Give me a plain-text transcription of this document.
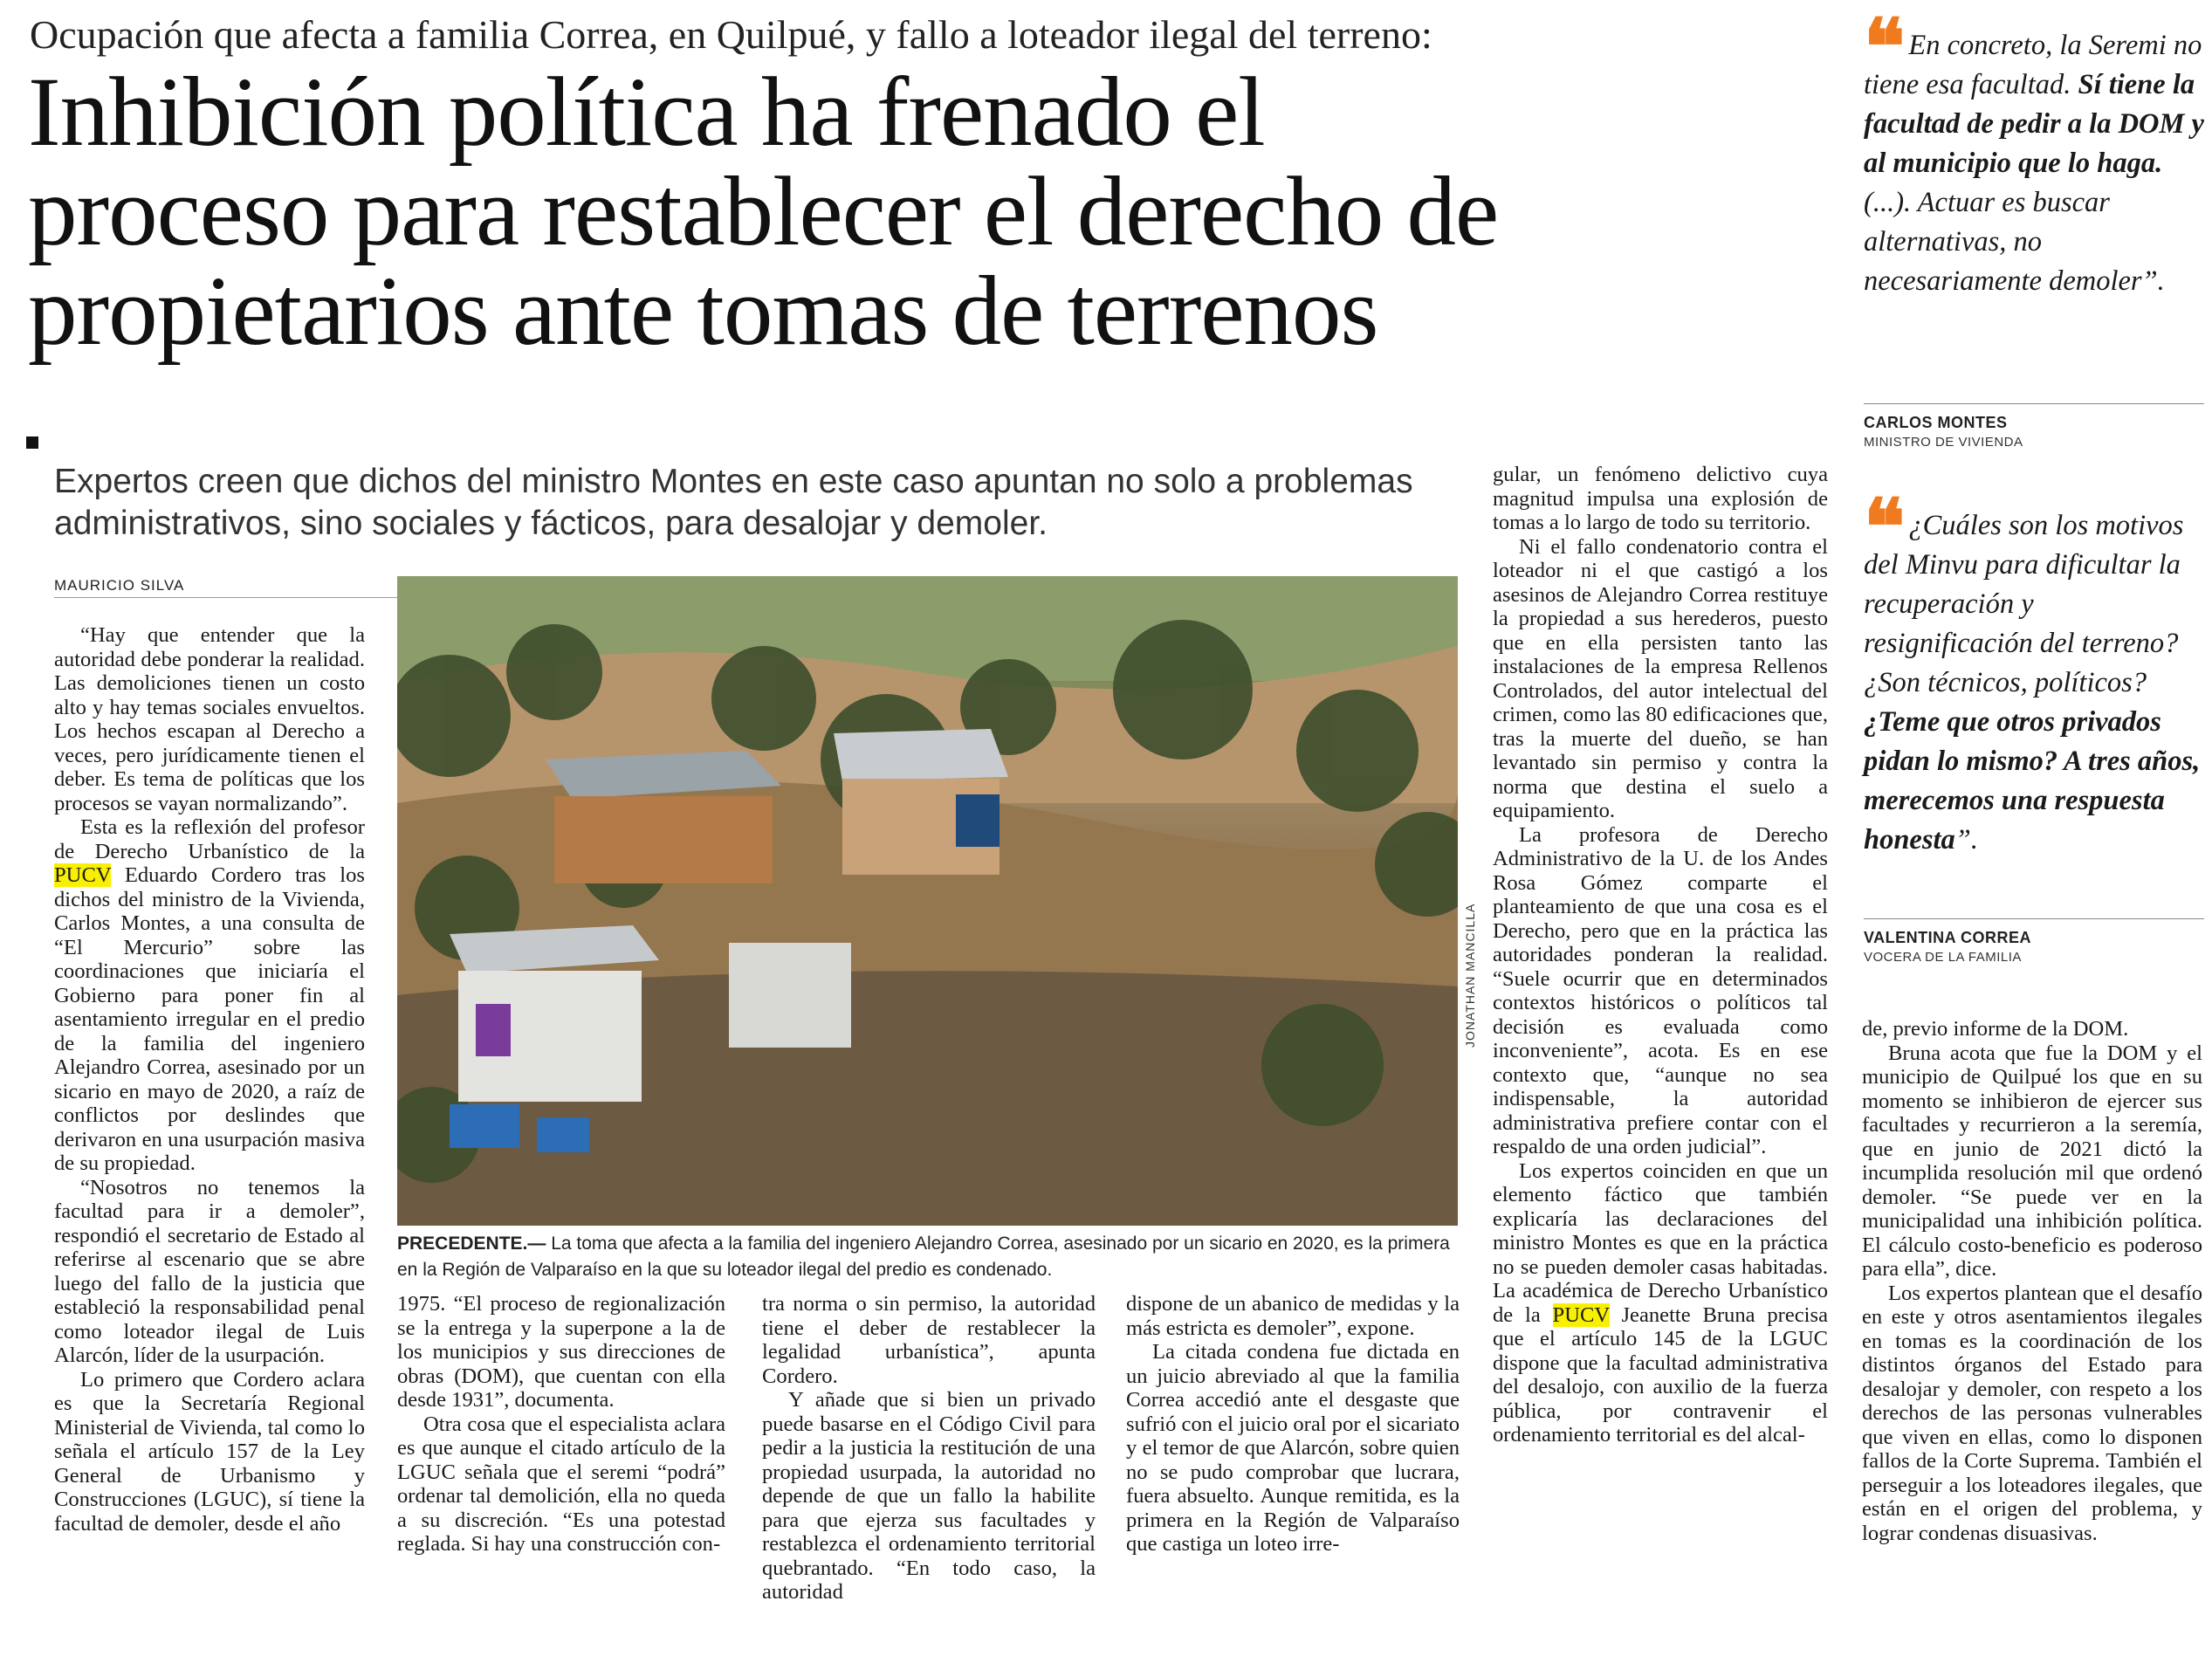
Ocupación que afecta a familia Correa, en Quilpué, y fallo a loteador ilegal del terreno:
Inhibición política ha frenado el
proceso para restablecer el derecho de
propietarios ante tomas de terrenos
Expertos creen que dichos del ministro Montes en este caso apuntan no solo a problemas administrativos, sino sociales y fácticos, para desalojar y demoler.
MAURICIO SILVA

“Hay que entender que la autoridad debe ponderar la realidad. Las demoliciones tienen un costo alto y hay temas sociales envueltos. Los hechos escapan al Derecho a veces, pero jurídicamente tienen el deber. Es tema de políticas que los procesos se vayan normalizando”.

Esta es la reflexión del profesor de Derecho Urbanístico de la PUCV Eduardo Cordero tras los dichos del ministro de la Vivienda, Carlos Montes, a una consulta de “El Mercurio” sobre las coordinaciones que iniciaría el Gobierno para poner fin al asentamiento irregular en el predio de la familia del ingeniero Alejandro Correa, asesinado por un sicario en mayo de 2020, a raíz de conflictos por deslindes que derivaron en una usurpación masiva de su propiedad.

“Nosotros no tenemos la facultad para ir a demoler”, respondió el secretario de Estado al referirse al escenario que se abre luego del fallo de la justicia que estableció la responsabilidad penal como loteador ilegal de Luis Alarcón, líder de la usurpación.

Lo primero que Cordero aclara es que la Secretaría Regional Ministerial de Vivienda, tal como lo señala el artículo 157 de la Ley General de Urbanismo y Construcciones (LGUC), sí tiene la facultad de demoler, desde el año

JONATHAN MANCILLA
PRECEDENTE.— La toma que afecta a la familia del ingeniero Alejandro Correa, asesinado por un sicario en 2020, es la primera en la Región de Valparaíso en la que su loteador ilegal del predio es condenado.

1975. “El proceso de regionalización se la entrega y la superpone a la de los municipios y sus direcciones de obras (DOM), que cuentan con ella desde 1931”, documenta.

Otra cosa que el especialista aclara es que aunque el citado artículo de la LGUC señala que el seremi “podrá” ordenar tal demolición, ella no queda a su discreción. “Es una potestad reglada. Si hay una construcción con-

tra norma o sin permiso, la autoridad tiene el deber de restablecer la legalidad urbanística”, apunta Cordero.

Y añade que si bien un privado puede basarse en el Código Civil para pedir a la justicia la restitución de una propiedad usurpada, la autoridad no depende de que un fallo la habilite para que ejerza sus facultades y restablezca el ordenamiento territorial quebrantado. “En todo caso, la autoridad

dispone de un abanico de medidas y la más estricta es demoler”, expone.

La citada condena fue dictada en un juicio abreviado al que la familia Correa accedió ante el desgaste que sufrió con el juicio oral por el sicariato y el temor de que Alarcón, sobre quien no se pudo comprobar que lucrara, fuera absuelto. Aunque remitida, es la primera en la Región de Valparaíso que castiga un loteo irre-

gular, un fenómeno delictivo cuya magnitud impulsa una explosión de tomas a lo largo de todo su territorio.

Ni el fallo condenatorio contra el loteador ni el que castigó a los asesinos de Alejandro Correa restituye la propiedad a sus herederos, puesto que en ella persisten tanto las instalaciones de la empresa Rellenos Controlados, del autor intelectual del crimen, como las 80 edificaciones que, tras la muerte del dueño, se han levantado sin permiso y contra la norma que destina el suelo a equipamiento.

La profesora de Derecho Administrativo de la U. de los Andes Rosa Gómez comparte el planteamiento de que una cosa es el Derecho, pero que en la práctica las autoridades ponderan la realidad. “Suele ocurrir que en determinados contextos históricos o políticos tal decisión es evaluada como inconveniente”, acota. Es en ese contexto que, “aunque no sea indispensable, la autoridad administrativa prefiere contar con el respaldo de una orden judicial”.

Los expertos coinciden en que un elemento fáctico que también explicaría las declaraciones del ministro Montes es que en la práctica no se pueden demoler casas habitadas. La académica de Derecho Urbanístico de la PUCV Jeanette Bruna precisa que el artículo 145 de la LGUC dispone que la facultad administrativa del desalojo, con auxilio de la fuerza pública, por contravenir el ordenamiento territorial es del alcal-

de, previo informe de la DOM.

Bruna acota que fue la DOM y el municipio de Quilpué los que en su momento se inhibieron de ejercer sus facultades y recurrieron a la seremía, que en junio de 2021 dictó la incumplida resolución mil que ordenó demoler. “Se puede ver en la municipalidad una inhibición política. El cálculo costo-beneficio es poderoso para ella”, dice.

Los expertos plantean que el desafío en este y otros asentamientos ilegales en tomas es la coordinación de los distintos órganos del Estado para desalojar y demoler, con respeto a los derechos de las personas vulnerables que viven en ellas, como lo disponen fallos de la Corte Suprema. También el perseguir a los loteadores ilegales, que están en el origen del problema, y lograr condenas disuasivas.

❝ En concreto, la Seremi no tiene esa facultad. Sí tiene la facultad de pedir a la DOM y al municipio que lo haga. (...). Actuar es buscar alternativas, no necesariamente demoler”.
CARLOS MONTES
MINISTRO DE VIVIENDA
❝ ¿Cuáles son los motivos del Minvu para dificultar la recuperación y resignificación del terreno? ¿Son técnicos, políticos? ¿Teme que otros privados pidan lo mismo? A tres años, merecemos una respuesta honesta”.
VALENTINA CORREA
VOCERA DE LA FAMILIA
